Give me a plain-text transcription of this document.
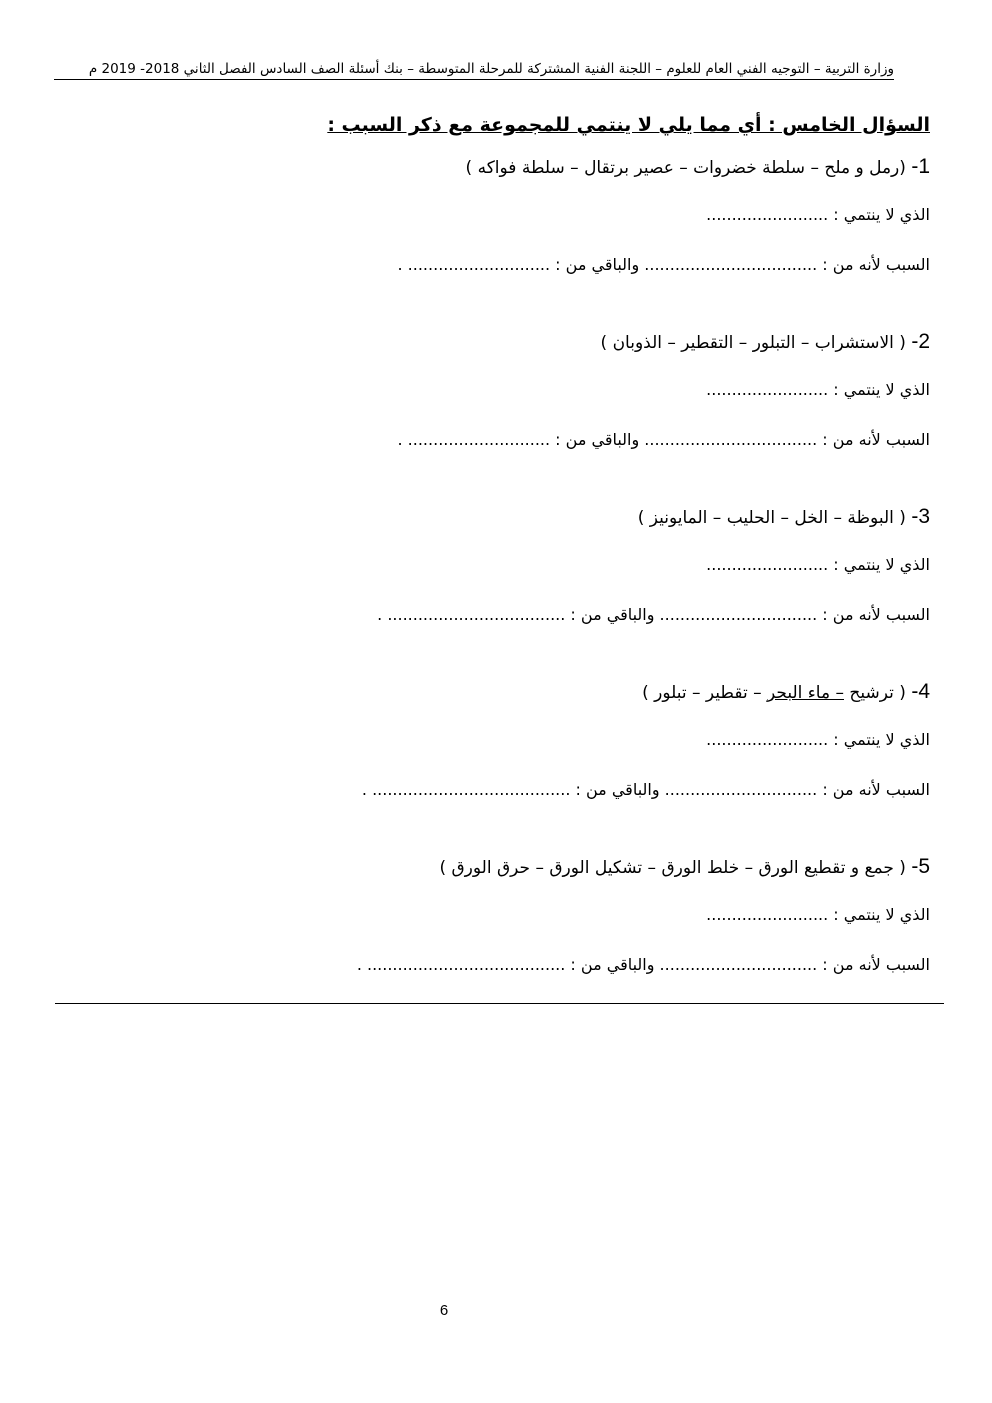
وزارة التربية – التوجيه الفني العام للعلوم – اللجنة الفنية المشتركة للمرحلة المتوسطة – بنك أسئلة الصف السادس الفصل الثاني 2018- 2019 م
السؤال الخامس : أي مما يلي لا ينتمي للمجموعة مع ذكر السبب :
1- (رمل و ملح – سلطة خضروات – عصير برتقال – سلطة فواكه )
الذي لا ينتمي : ........................
السبب لأنه من : .................................. والباقي من : ............................ .
2- ( الاستشراب – التبلور – التقطير – الذوبان )
الذي لا ينتمي : ........................
السبب لأنه من : .................................. والباقي من : ............................ .
3- ( البوظة – الخل – الحليب – المايونيز )
الذي لا ينتمي : ........................
السبب لأنه من : ............................... والباقي من : ................................... .
4- ( ترشيح – ماء البحر – تقطير – تبلور )
الذي لا ينتمي : ........................
السبب لأنه من : .............................. والباقي من : ....................................... .
5- ( جمع و تقطيع الورق – خلط الورق – تشكيل الورق – حرق الورق )
الذي لا ينتمي : ........................
السبب لأنه من : ............................... والباقي من : ....................................... .
6
